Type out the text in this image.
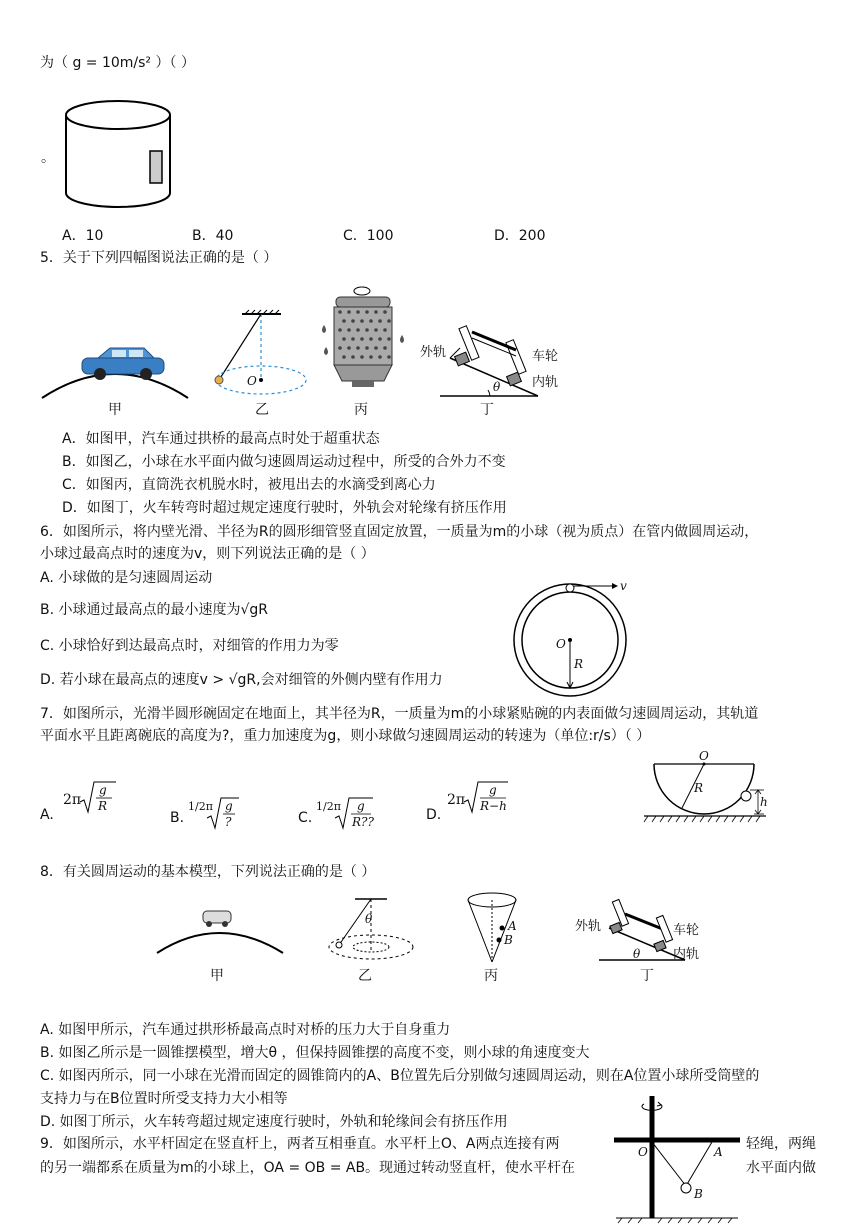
为（ g = 10m/s² ）（ ）
。
A．10	B．40	C．100	D．200
5．关于下列四幅图说法正确的是（ ）
甲
O
乙	丙
外轨	车轮
内轨
θ
丁
A．如图甲，汽车通过拱桥的最高点时处于超重状态
B．如图乙，小球在水平面内做匀速圆周运动过程中，所受的合外力不变
C．如图丙，直筒洗衣机脱水时，被甩出去的水滴受到离心力
D．如图丁，火车转弯时超过规定速度行驶时，外轨会对轮缘有挤压作用
6．如图所示，将内壁光滑、半径为R的圆形细管竖直固定放置，一质量为m的小球（视为质点）在管内做圆周运动，
小球过最高点时的速度为v，则下列说法正确的是（ ）
A. 小球做的是匀速圆周运动
B. 小球通过最高点的最小速度为√gR
C. 小球恰好到达最高点时，对细管的作用力为零
D. 若小球在最高点的速度v > √gR,会对细管的外侧内壁有作用力
v
O
R
7．如图所示，光滑半圆形碗固定在地面上，其半径为R，一质量为m的小球紧贴碗的内表面做匀速圆周运动，其轨道
平面水平且距离碗底的高度为?，重力加速度为g，则小球做匀速圆周运动的转速为（单位:r/s）（ ）
A.
2π
g
R
B.
1/2π g
?	C.
1/2π g
R??	D.
2π
g
R−h
O
R
h
8．有关圆周运动的基本模型，下列说法正确的是（ ）
甲
θ
乙
A
B
丙
外轨	车轮
内轨
θ
丁
A. 如图甲所示，汽车通过拱形桥最高点时对桥的压力大于自身重力
B. 如图乙所示是一圆锥摆模型，增大θ ，但保持圆锥摆的高度不变，则小球的角速度变大
C. 如图丙所示，同一小球在光滑而固定的圆锥筒内的A、B位置先后分别做匀速圆周运动，则在A位置小球所受筒壁的
支持力与在B位置时所受支持力大小相等
D. 如图丁所示，火车转弯超过规定速度行驶时，外轨和轮缘间会有挤压作用
9．如图所示，水平杆固定在竖直杆上，两者互相垂直。水平杆上O、A两点连接有两	轻绳，两绳
的另一端都系在质量为m的小球上，OA = OB = AB。现通过转动竖直杆，使水平杆在	水平面内做
O	A
B
